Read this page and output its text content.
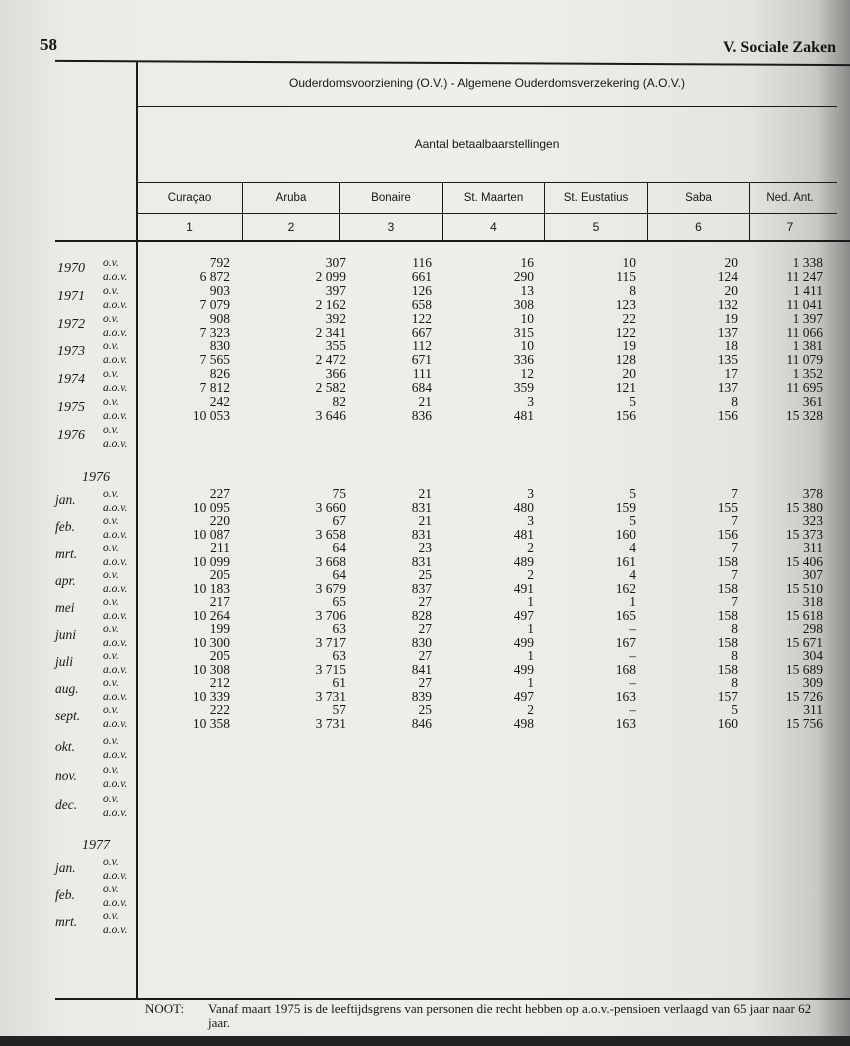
58	V. Sociale Zaken
Ouderdomsvoorziening (O.V.) - Algemene Ouderdomsverzekering (A.O.V.)
Aantal betaalbaarstellingen
Curaçao
1
Aruba
2
Bonaire
3
St. Maarten
4
St. Eustatius
5
Saba
6
Ned. Ant.
7
1970 o.v.	792	307	116	16	10	20	1 338
a.o.v.	6 872	2 099	661	290	115	124	11 247
1971 o.v.	903	397	126	13	8	20	1 411
a.o.v.	7 079	2 162	658	308	123	132	11 041
1972 o.v.	908	392	122	10	22	19	1 397
a.o.v.	7 323	2 341	667	315	122	137	11 066
1973 o.v.	830	355	112	10	19	18	1 381
a.o.v.	7 565	2 472	671	336	128	135	11 079
1974 o.v.	826	366	111	12	20	17	1 352
a.o.v.	7 812	2 582	684	359	121	137	11 695
1975 o.v.	242	82	21	3	5	8	361
a.o.v.	10 053	3 646	836	481	156	156	15 328
1976 o.v.
a.o.v.
1976
jan. o.v.	227	75	21	3	5	7	378
a.o.v.	10 095	3 660	831	480	159	155	15 380
feb. o.v.	220	67	21	3	5	7	323
a.o.v.	10 087	3 658	831	481	160	156	15 373
mrt. o.v.	211	64	23	2	4	7	311
a.o.v.	10 099	3 668	831	489	161	158	15 406
apr. o.v.	205	64	25	2	4	7	307
a.o.v.	10 183	3 679	837	491	162	158	15 510
mei o.v.	217	65	27	1	1	7	318
a.o.v.	10 264	3 706	828	497	165	158	15 618
juni o.v.	199	63	27	1	–	8	298
a.o.v.	10 300	3 717	830	499	167	158	15 671
juli	o.v.	205	63	27	1	–	8	304
a.o.v.	10 308	3 715	841	499	168	158	15 689
aug. o.v.	212	61	27	1	–	8	309
a.o.v.	10 339	3 731	839	497	163	157	15 726
sept. o.v.	222	57	25	2	–	5	311
a.o.v.	10 358	3 731	846	498	163	160	15 756
okt. o.v.
a.o.v.
nov. o.v.
a.o.v.
dec. o.v.
a.o.v.
1977
jan. o.v.
a.o.v.
feb. o.v.
a.o.v.
mrt. o.v.
a.o.v.
NOOT: Vanaf maart 1975 is de leeftijdsgrens van personen die recht hebben op a.o.v.-pensioen verlaagd van 65 jaar naar 62 jaar.
